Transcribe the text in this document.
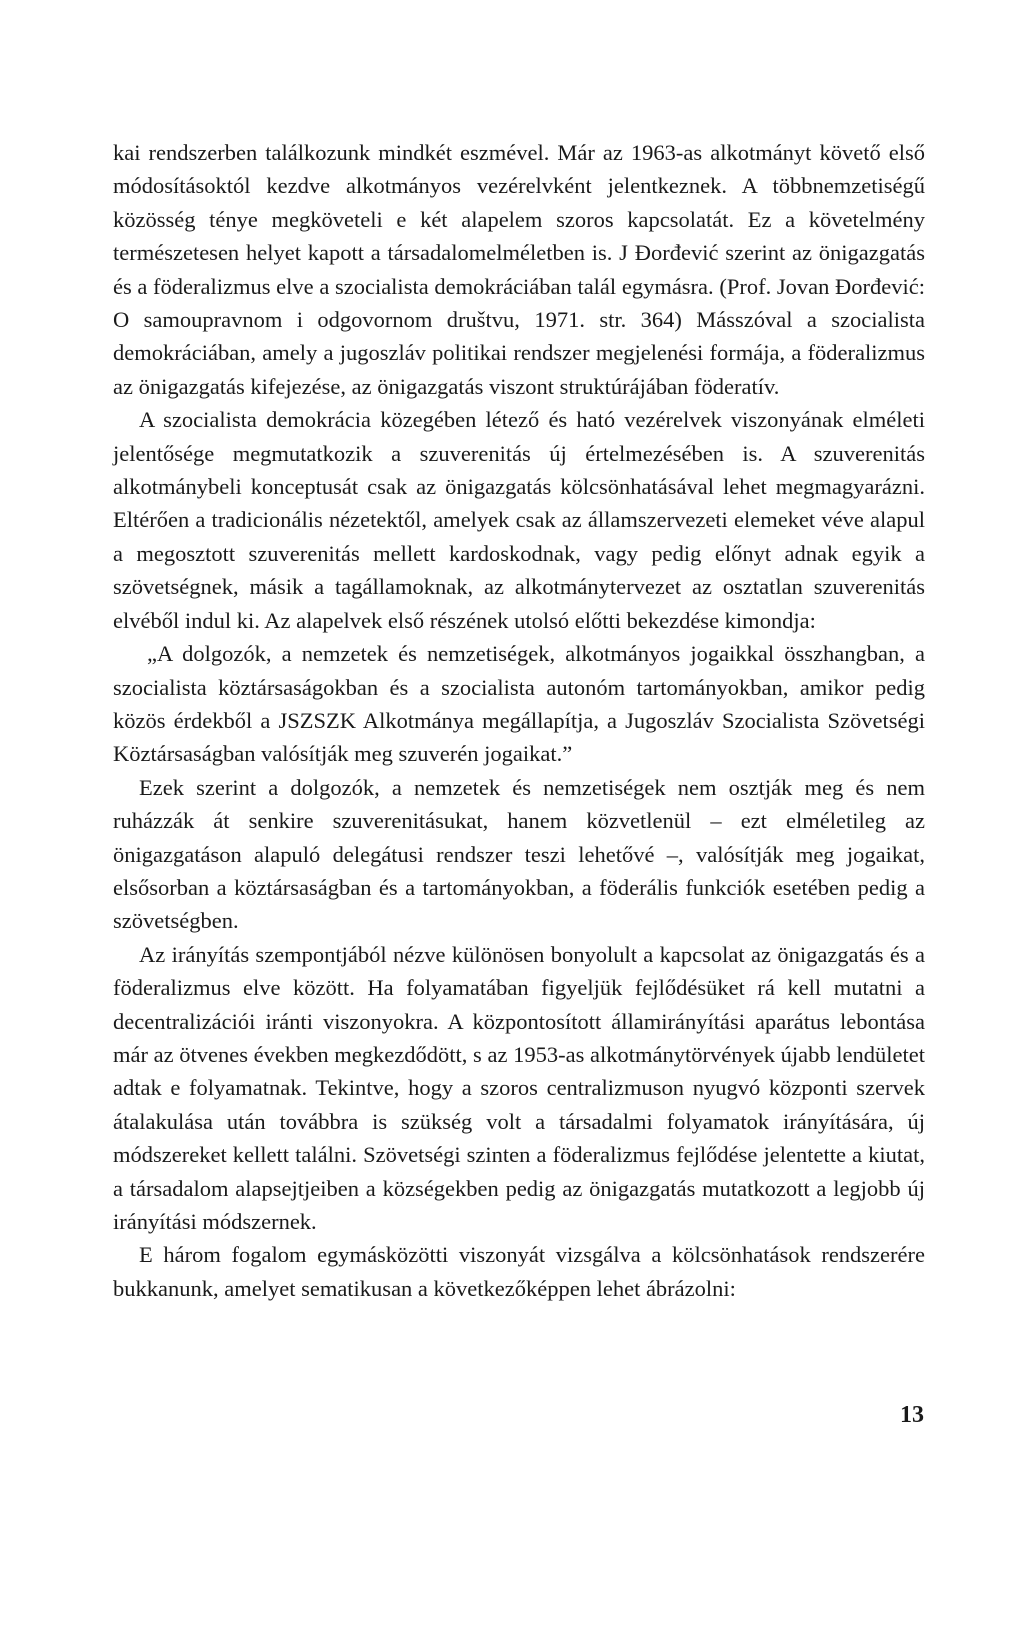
kai rendszerben találkozunk mindkét eszmével. Már az 1963-as alkotmányt követő első módosításoktól kezdve alkotmányos vezérelvként jelentkeznek. A többnemzetiségű közösség ténye megköveteli e két alapelem szoros kapcsolatát. Ez a követelmény természetesen helyet kapott a társadalomelméletben is. J Đorđević szerint az önigazgatás és a föderalizmus elve a szocialista demokráciában talál egymásra. (Prof. Jovan Đorđević: O samoupravnom i odgovornom društvu, 1971. str. 364) Másszóval a szocialista demokráciában, amely a jugoszláv politikai rendszer megjelenési formája, a föderalizmus az önigazgatás kifejezése, az önigazgatás viszont struktúrájában föderatív.

A szocialista demokrácia közegében létező és ható vezérelvek viszonyának elméleti jelentősége megmutatkozik a szuverenitás új értelmezésében is. A szuverenitás alkotmánybeli konceptusát csak az önigazgatás kölcsönhatásával lehet megmagyarázni. Eltérően a tradicionális nézetektől, amelyek csak az államszervezeti elemeket véve alapul a megosztott szuverenitás mellett kardoskodnak, vagy pedig előnyt adnak egyik a szövetségnek, másik a tagállamoknak, az alkotmánytervezet az osztatlan szuverenitás elvéből indul ki. Az alapelvek első részének utolsó előtti bekezdése kimondja:

„A dolgozók, a nemzetek és nemzetiségek, alkotmányos jogaikkal összhangban, a szocialista köztársaságokban és a szocialista autonóm tartományokban, amikor pedig közös érdekből a JSZSZK Alkotmánya megállapítja, a Jugoszláv Szocialista Szövetségi Köztársaságban valósítják meg szuverén jogaikat.”

Ezek szerint a dolgozók, a nemzetek és nemzetiségek nem osztják meg és nem ruházzák át senkire szuverenitásukat, hanem közvetlenül – ezt elméletileg az önigazgatáson alapuló delegátusi rendszer teszi lehetővé –, valósítják meg jogaikat, elsősorban a köztársaságban és a tartományokban, a föderális funkciók esetében pedig a szövetségben.

Az irányítás szempontjából nézve különösen bonyolult a kapcsolat az önigazgatás és a föderalizmus elve között. Ha folyamatában figyeljük fejlődésüket rá kell mutatni a decentralizációi iránti viszonyokra. A központosított államirányítási aparátus lebontása már az ötvenes években megkezdődött, s az 1953-as alkotmánytörvények újabb lendületet adtak e folyamatnak. Tekintve, hogy a szoros centralizmuson nyugvó központi szervek átalakulása után továbbra is szükség volt a társadalmi folyamatok irányítására, új módszereket kellett találni. Szövetségi szinten a föderalizmus fejlődése jelentette a kiutat, a társadalom alapsejtjeiben a községekben pedig az önigazgatás mutatkozott a legjobb új irányítási módszernek.

E három fogalom egymásközötti viszonyát vizsgálva a kölcsönhatások rendszerére bukkanunk, amelyet sematikusan a következőképpen lehet ábrázolni:

13
